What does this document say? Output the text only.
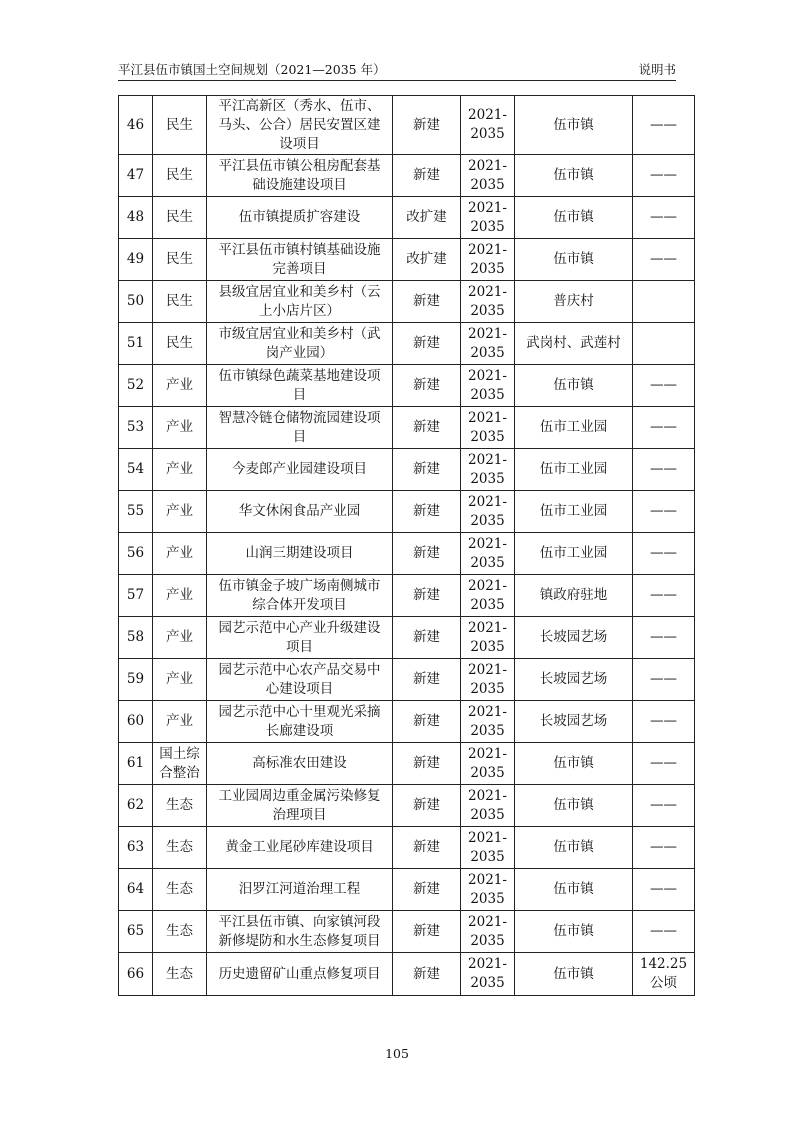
平江县伍市镇国土空间规划（2021—2035 年）	说明书
46	民生	平江高新区（秀水、伍市、马头、公合）居民安置区建设项目	新建	2021-2035	伍市镇	——
47	民生	平江县伍市镇公租房配套基础设施建设项目	新建	2021-2035	伍市镇	——
48	民生	伍市镇提质扩容建设	改扩建	2021-2035	伍市镇	——
49	民生	平江县伍市镇村镇基础设施完善项目	改扩建	2021-2035	伍市镇	——
50	民生	县级宜居宜业和美乡村（云上小店片区）	新建	2021-2035	普庆村	
51	民生	市级宜居宜业和美乡村（武岗产业园）	新建	2021-2035	武岗村、武莲村	
52	产业	伍市镇绿色蔬菜基地建设项目	新建	2021-2035	伍市镇	——
53	产业	智慧冷链仓储物流园建设项目	新建	2021-2035	伍市工业园	——
54	产业	今麦郎产业园建设项目	新建	2021-2035	伍市工业园	——
55	产业	华文休闲食品产业园	新建	2021-2035	伍市工业园	——
56	产业	山润三期建设项目	新建	2021-2035	伍市工业园	——
57	产业	伍市镇金子坡广场南侧城市综合体开发项目	新建	2021-2035	镇政府驻地	——
58	产业	园艺示范中心产业升级建设项目	新建	2021-2035	长坡园艺场	——
59	产业	园艺示范中心农产品交易中心建设项目	新建	2021-2035	长坡园艺场	——
60	产业	园艺示范中心十里观光采摘长廊建设项	新建	2021-2035	长坡园艺场	——
61	国土综合整治	高标准农田建设	新建	2021-2035	伍市镇	——
62	生态	工业园周边重金属污染修复治理项目	新建	2021-2035	伍市镇	——
63	生态	黄金工业尾砂库建设项目	新建	2021-2035	伍市镇	——
64	生态	汨罗江河道治理工程	新建	2021-2035	伍市镇	——
65	生态	平江县伍市镇、向家镇河段新修堤防和水生态修复项目	新建	2021-2035	伍市镇	——
66	生态	历史遗留矿山重点修复项目	新建	2021-2035	伍市镇	142.25公顷
105
